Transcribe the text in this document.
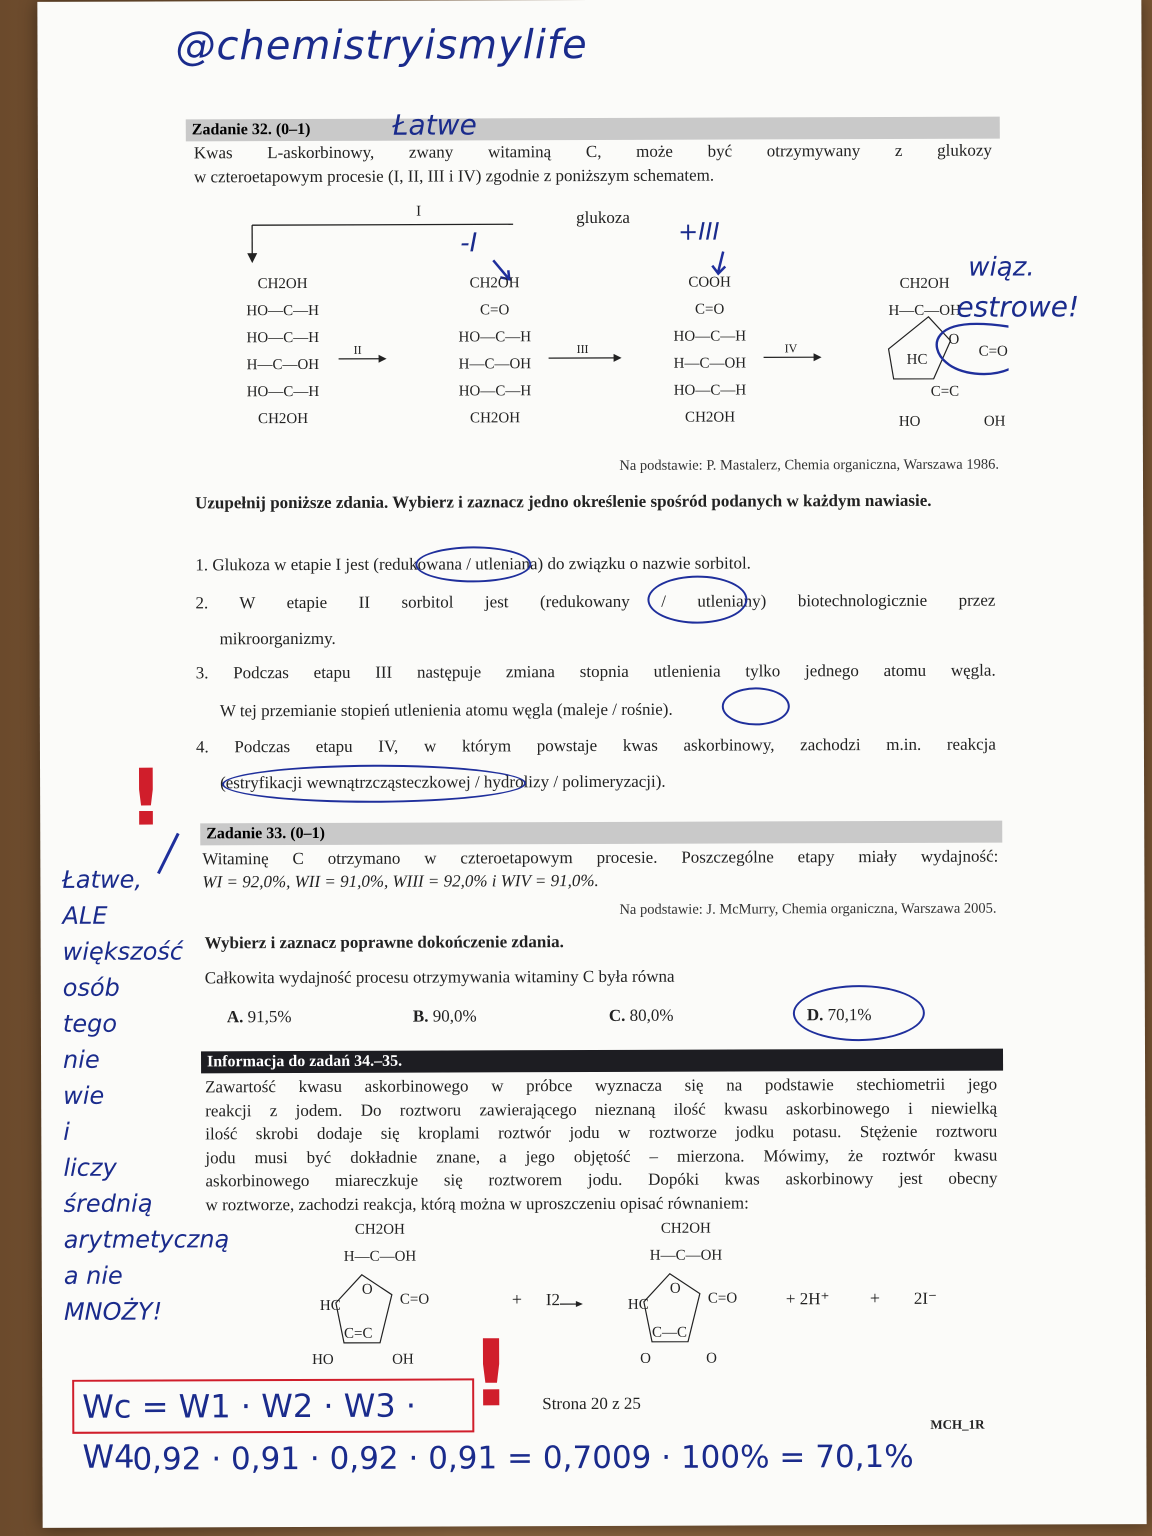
@chemistryismylife
Zadanie 32. (0–1)	Łatwe
Kwas L-askorbinowy, zwany witaminą C, może być otrzymywany z glukozy
w czteroetapowym procesie (I, II, III i IV) zgodnie z poniższym schematem.
I	glukoza
II	III	IV
CH2OH
HO—C—H
HO—C—H
H—C—OH
HO—C—H
CH2OH
CH2OH
C=O
HO—C—H
H—C—OH
HO—C—H
CH2OH
COOH
C=O
HO—C—H
H—C—OH
HO—C—H
CH2OH
CH2OH
H—C—OH
O
HC
C=O
C=C
HO	OH
-I	+III
wiąz.
estrowe!
Na podstawie: P. Mastalerz, Chemia organiczna, Warszawa 1986.
Uzupełnij poniższe zdania. Wybierz i zaznacz jedno określenie spośród podanych w każdym nawiasie.
1. Glukoza w etapie I jest (redukowana / utleniana) do związku o nazwie sorbitol.
2. W etapie II sorbitol jest (redukowany / utleniany) biotechnologicznie przez
mikroorganizmy.
3. Podczas etapu III następuje zmiana stopnia utlenienia tylko jednego atomu węgla.
W tej przemianie stopień utlenienia atomu węgla (maleje / rośnie).
4. Podczas etapu IV, w którym powstaje kwas askorbinowy, zachodzi m.in. reakcja
(estryfikacji wewnątrzcząsteczkowej / hydrolizy / polimeryzacji).
!	Zadanie 33. (0–1)
Witaminę C otrzymano w czteroetapowym procesie. Poszczególne etapy miały wydajność:
WI = 92,0%, WII = 91,0%, WIII = 92,0% i WIV = 91,0%.
Na podstawie: J. McMurry, Chemia organiczna, Warszawa 2005.
Wybierz i zaznacz poprawne dokończenie zdania.
Całkowita wydajność procesu otrzymywania witaminy C była równa
A. 91,5%	B. 90,0%	C. 80,0%	D. 70,1%
Łatwe,
ALE
większość
osób
tego
nie
wie
i
liczy
średnią
arytmetyczną
a nie
MNOŻY!
Informacja do zadań 34.–35.
Zawartość kwasu askorbinowego w próbce wyznacza się na podstawie stechiometrii jego
reakcji z jodem. Do roztworu zawierającego nieznaną ilość kwasu askorbinowego i niewielką
ilość skrobi dodaje się kroplami roztwór jodu w roztworze jodku potasu. Stężenie roztworu
jodu musi być dokładnie znane, a jego objętość – mierzona. Mówimy, że roztwór kwasu
askorbinowego miareczkuje się roztworem jodu. Dopóki kwas askorbinowy jest obecny
w roztworze, zachodzi reakcja, którą można w uproszczeniu opisać równaniem:
CH2OH
H—C—OH
O
HC	C=O
C=C
HO	OH
+ I2
CH2OH
H—C—OH
O
HC	C=O
C—C
O	O
+ 2H⁺ + 2I⁻
!
Wc = W1 · W2 · W3 · W4
Strona 20 z 25
MCH_1R
0,92 · 0,91 · 0,92 · 0,91 = 0,7009 · 100% = 70,1%
